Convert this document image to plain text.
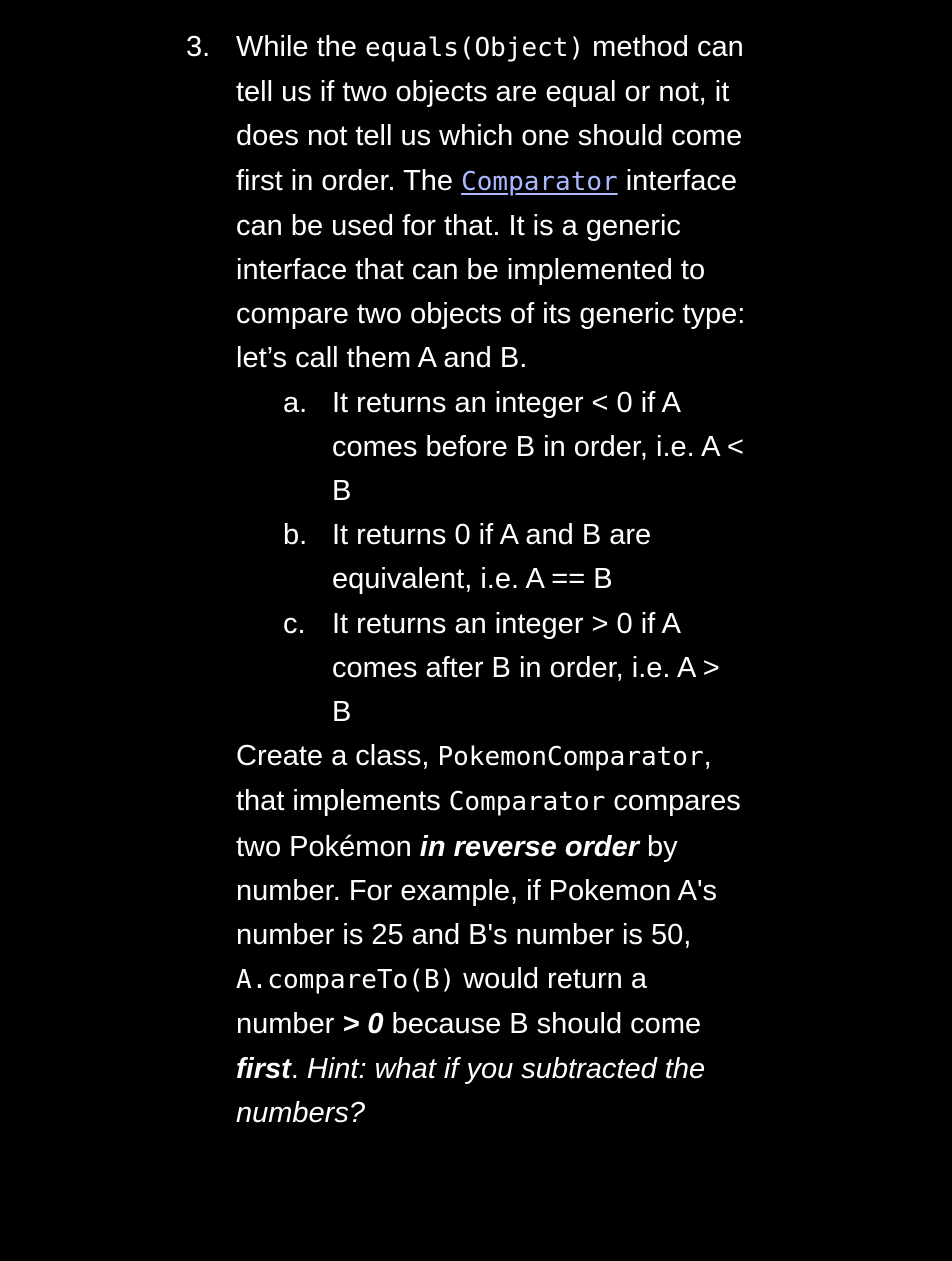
3. While the equals(Object) method can tell us if two objects are equal or not, it does not tell us which one should come first in order. The Comparator interface can be used for that. It is a generic interface that can be implemented to compare two objects of its generic type: let’s call them A and B.
a. It returns an integer < 0 if A comes before B in order, i.e. A < B
b. It returns 0 if A and B are equivalent, i.e. A == B
c. It returns an integer > 0 if A comes after B in order, i.e. A > B
Create a class, PokemonComparator, that implements Comparator compares two Pokémon in reverse order by number. For example, if Pokemon A's number is 25 and B's number is 50, A.compareTo(B) would return a number > 0 because B should come first. Hint: what if you subtracted the numbers?
